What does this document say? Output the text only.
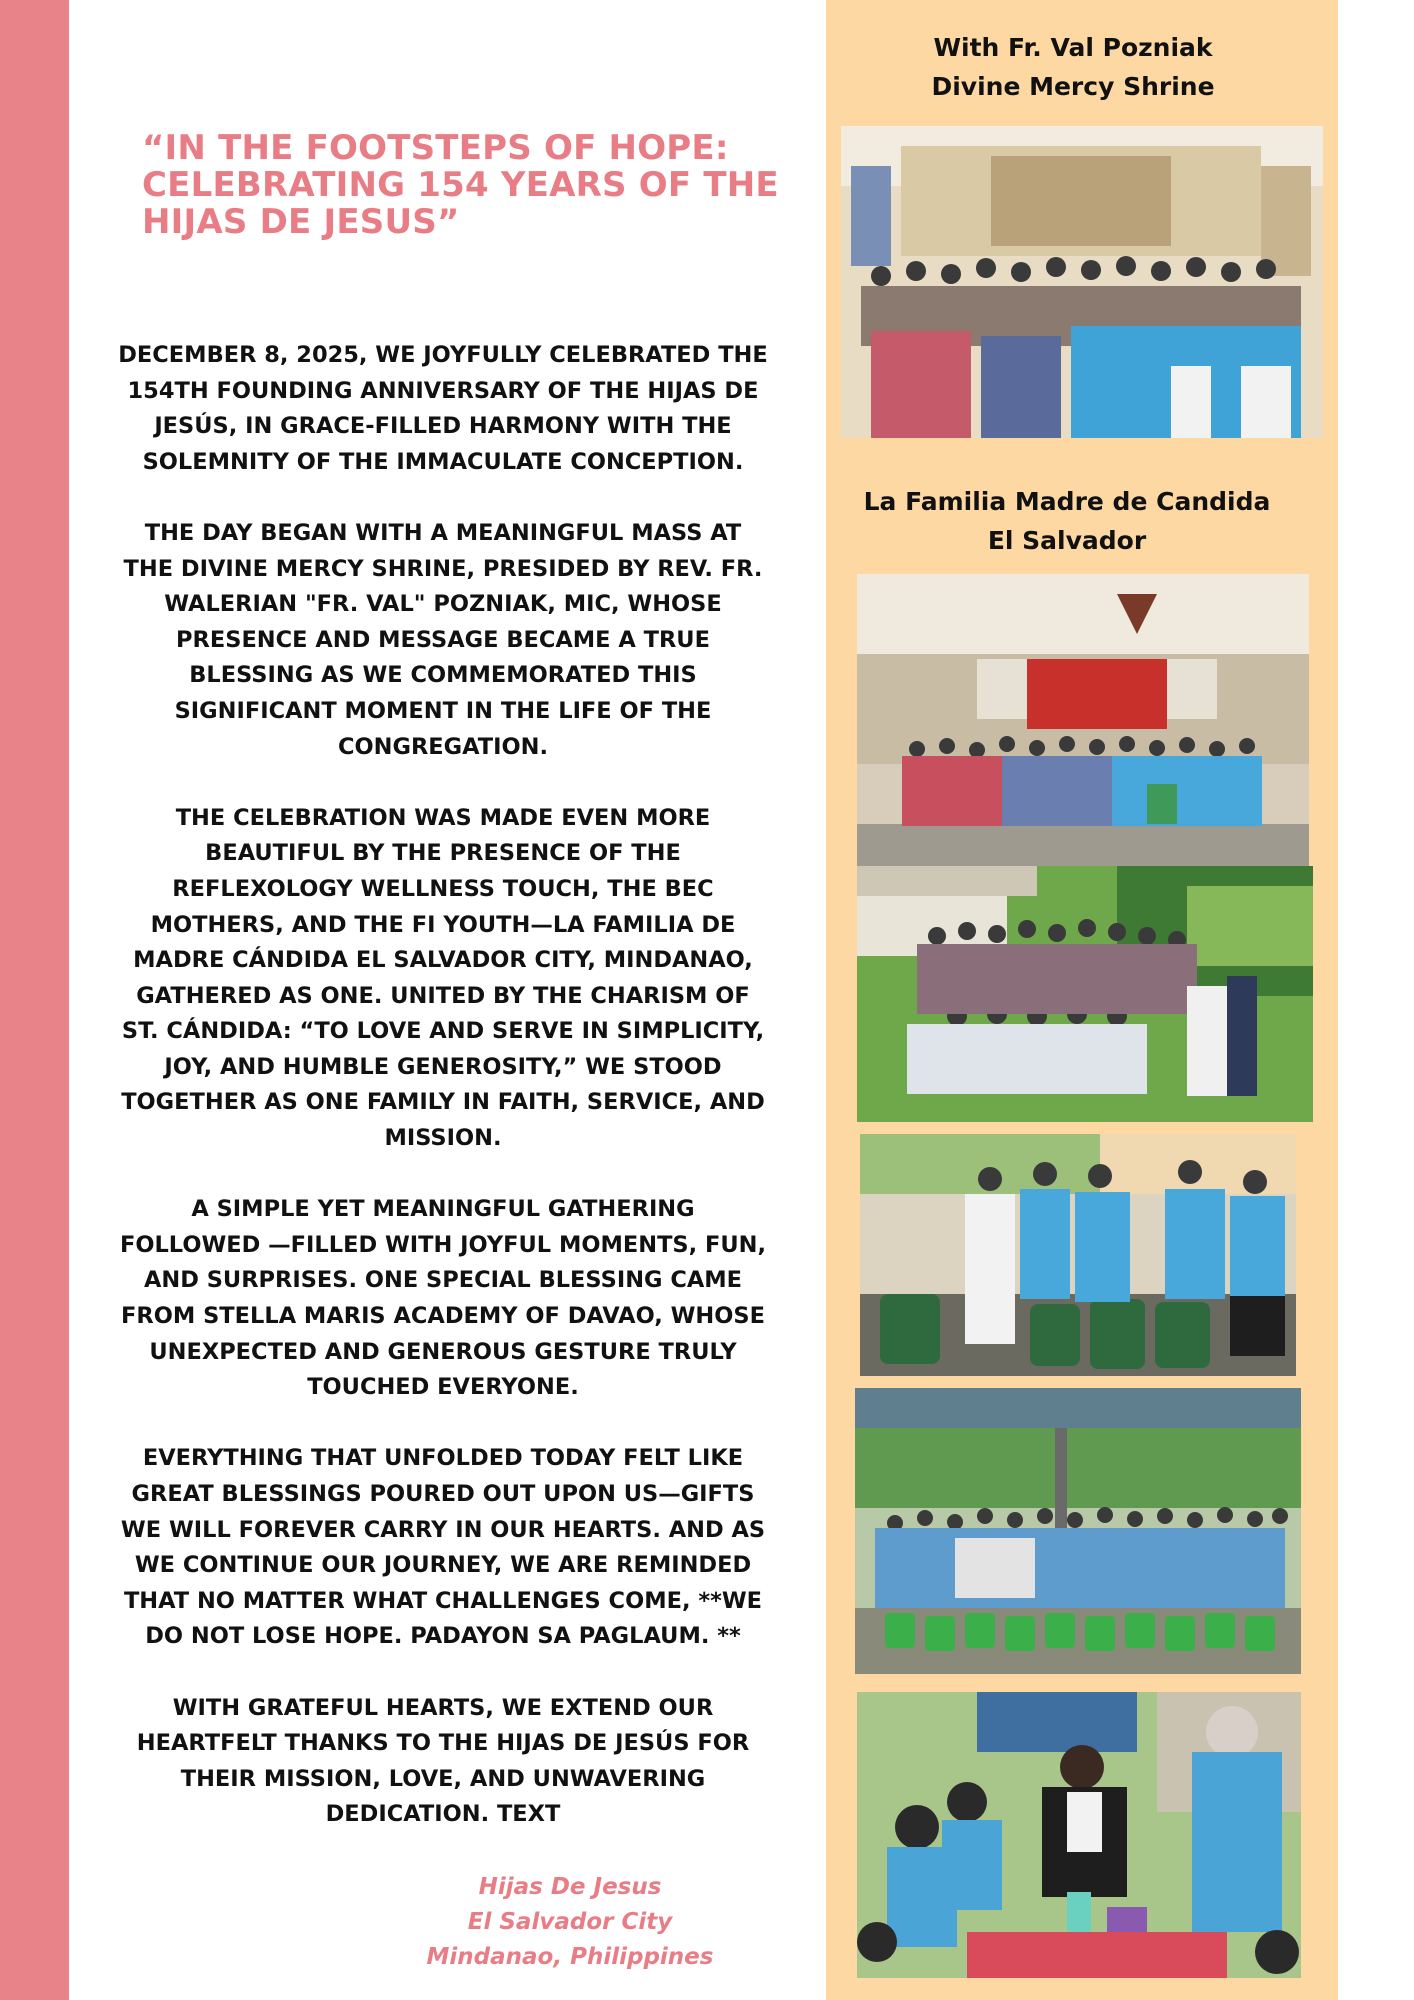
“IN THE FOOTSTEPS OF HOPE: CELEBRATING 154 YEARS OF THE HIJAS DE JESUS”

DECEMBER 8, 2025, WE JOYFULLY CELEBRATED THE 154TH FOUNDING ANNIVERSARY OF THE HIJAS DE JESÚS, IN GRACE-FILLED HARMONY WITH THE SOLEMNITY OF THE IMMACULATE CONCEPTION.

THE DAY BEGAN WITH A MEANINGFUL MASS AT THE DIVINE MERCY SHRINE, PRESIDED BY REV. FR. WALERIAN "FR. VAL" POZNIAK, MIC, WHOSE PRESENCE AND MESSAGE BECAME A TRUE BLESSING AS WE COMMEMORATED THIS SIGNIFICANT MOMENT IN THE LIFE OF THE CONGREGATION.

THE CELEBRATION WAS MADE EVEN MORE BEAUTIFUL BY THE PRESENCE OF THE REFLEXOLOGY WELLNESS TOUCH, THE BEC MOTHERS, AND THE FI YOUTH—LA FAMILIA DE MADRE CÁNDIDA EL SALVADOR CITY, MINDANAO, GATHERED AS ONE. UNITED BY THE CHARISM OF ST. CÁNDIDA: “TO LOVE AND SERVE IN SIMPLICITY, JOY, AND HUMBLE GENEROSITY,” WE STOOD TOGETHER AS ONE FAMILY IN FAITH, SERVICE, AND MISSION.

A SIMPLE YET MEANINGFUL GATHERING FOLLOWED —FILLED WITH JOYFUL MOMENTS, FUN, AND SURPRISES. ONE SPECIAL BLESSING CAME FROM STELLA MARIS ACADEMY OF DAVAO, WHOSE UNEXPECTED AND GENEROUS GESTURE TRULY TOUCHED EVERYONE.

EVERYTHING THAT UNFOLDED TODAY FELT LIKE GREAT BLESSINGS POURED OUT UPON US—GIFTS WE WILL FOREVER CARRY IN OUR HEARTS. AND AS WE CONTINUE OUR JOURNEY, WE ARE REMINDED THAT NO MATTER WHAT CHALLENGES COME, **WE DO NOT LOSE HOPE. PADAYON SA PAGLAUM. **

WITH GRATEFUL HEARTS, WE EXTEND OUR HEARTFELT THANKS TO THE HIJAS DE JESÚS FOR THEIR MISSION, LOVE, AND UNWAVERING DEDICATION. TEXT

Hijas De Jesus
El Salvador City
Mindanao, Philippines
With Fr. Val Pozniak
Divine Mercy Shrine
La Familia Madre de Candida
El Salvador
